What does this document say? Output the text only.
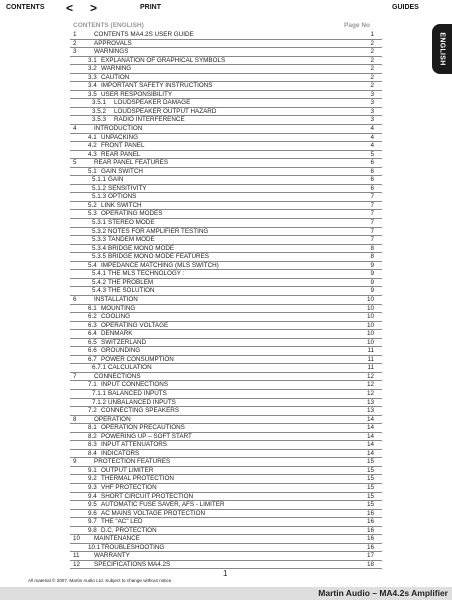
CONTENTS < >	PRINT	GUIDES
ENGLISH
CONTENTS (ENGLISH)	Page No
1	CONTENTS MA4.2S USER GUIDE	1
2	APPROVALS	2
3	WARNINGS	2
3.1 EXPLANATION OF GRAPHICAL SYMBOLS	2
3.2 WARNING	2
3.3 CAUTION	2
3.4 IMPORTANT SAFETY INSTRUCTIONS	2
3.5 USER RESPONSIBILITY	3
3.5.1 LOUDSPEAKER DAMAGE	3
3.5.2 LOUDSPEAKER OUTPUT HAZARD	3
3.5.3 RADIO INTERFERENCE	3
4	INTRODUCTION	4
4.1 UNPACKING	4
4.2 FRONT PANEL	4
4.3 REAR PANEL	5
5	REAR PANEL FEATURES	6
5.1 GAIN SWITCH	6
5.1.1 GAIN	6
5.1.2 SENSITIVITY	6
5.1.3 OPTIONS	7
5.2 LINK SWITCH	7
5.3 OPERATING MODES	7
5.3.1 STEREO MODE	7
5.3.2 NOTES FOR AMPLIFIER TESTING	7
5.3.3 TANDEM MODE	7
5.3.4 BRIDGE MONO MODE	8
5.3.5 BRIDGE MONO MODE FEATURES	8
5.4 IMPEDANCE MATCHING (MLS SWITCH)	9
5.4.1 THE MLS TECHNOLOGY :	9
5.4.2 THE PROBLEM	9
5.4.3 THE SOLUTION	9
6	INSTALLATION	10
6.1 MOUNTING	10
6.2 COOLING	10
6.3 OPERATING VOLTAGE	10
6.4 DENMARK	10
6.5 SWITZERLAND	10
6.6 GROUNDING	11
6.7 POWER CONSUMPTION	11
6.7.1 CALCULATION	11
7	CONNECTIONS	12
7.1 INPUT CONNECTIONS	12
7.1.1 BALANCED INPUTS	12
7.1.2 UNBALANCED INPUTS	13
7.2 CONNECTING SPEAKERS	13
8	OPERATION	14
8.1 OPERATION PRECAUTIONS	14
8.2 POWERING UP – SOFT START	14
8.3 INPUT ATTENUATORS	14
8.4 INDICATORS	14
9	PROTECTION FEATURES	15
9.1 OUTPUT LIMITER	15
9.2 THERMAL PROTECTION	15
9.3 VHF PROTECTION	15
9.4 SHORT CIRCUIT PROTECTION	15
9.5 AUTOMATIC FUSE SAVER, AFS - LIMITER	15
9.6 AC MAINS VOLTAGE PROTECTION	16
9.7 THE "AC" LED	16
9.8 D.C. PROTECTION	16
10 MAINTENANCE	16
10.1 TROUBLESHOOTING	16
11 WARRANTY	17
12 SPECIFICATIONS MA4.2S	18
1
All material © 2007. Martin Audio Ltd. Subject to change without notice.
Martin Audio – MA4.2s Amplifier
